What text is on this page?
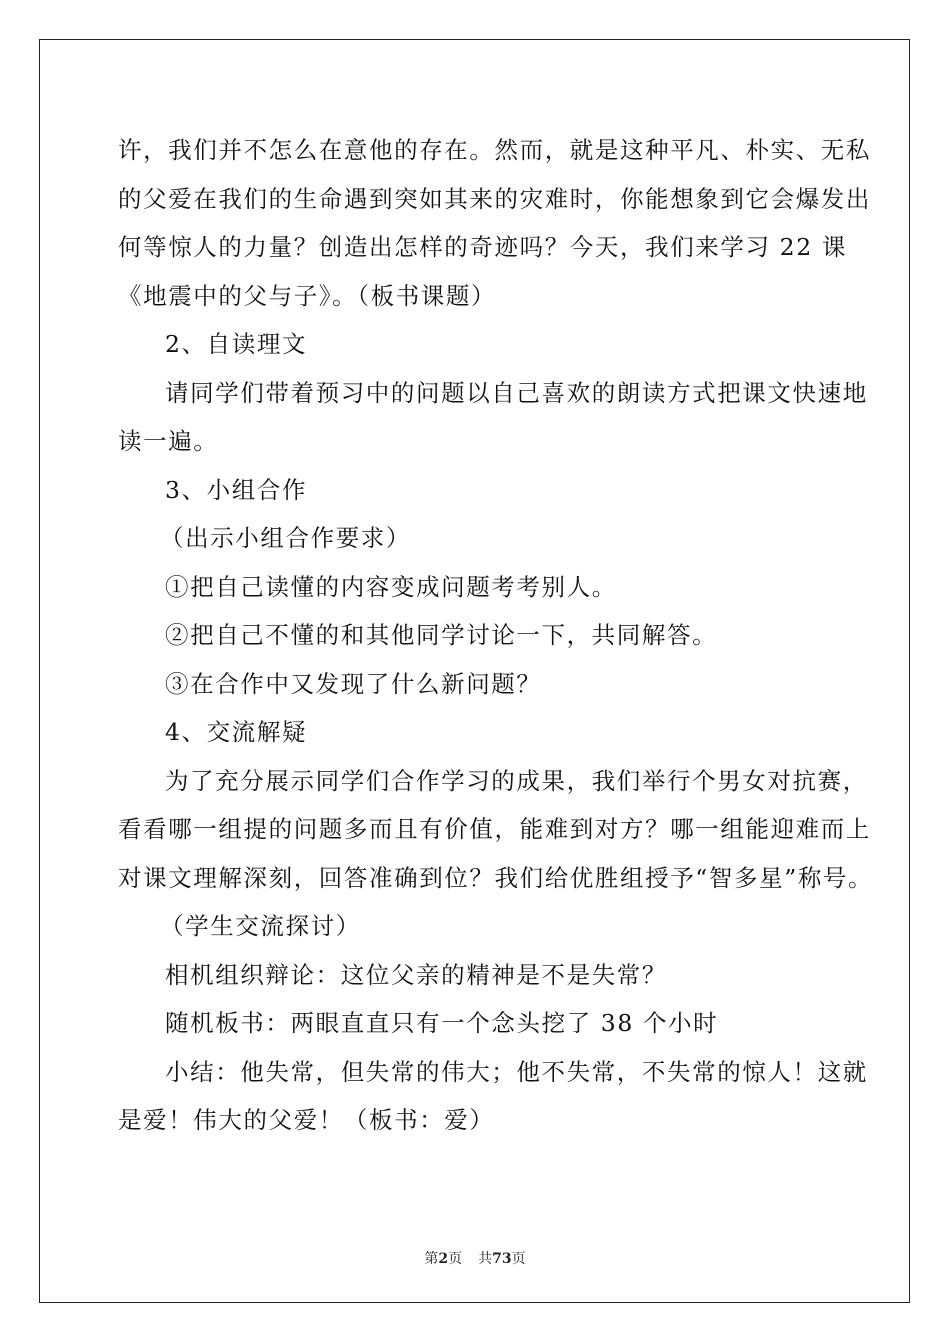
许，我们并不怎么在意他的存在。然而，就是这种平凡、朴实、无私

的父爱在我们的生命遇到突如其来的灾难时，你能想象到它会爆发出

何等惊人的力量？创造出怎样的奇迹吗？今天，我们来学习 22 课

《地震中的父与子》。（板书课题）

2、自读理文

请同学们带着预习中的问题以自己喜欢的朗读方式把课文快速地

读一遍。

3、小组合作

（出示小组合作要求）

①把自己读懂的内容变成问题考考别人。

②把自己不懂的和其他同学讨论一下，共同解答。

③在合作中又发现了什么新问题？

4、交流解疑

为了充分展示同学们合作学习的成果，我们举行个男女对抗赛，

看看哪一组提的问题多而且有价值，能难到对方？哪一组能迎难而上

对课文理解深刻，回答准确到位？我们给优胜组授予“智多星”称号。

（学生交流探讨）

相机组织辩论：这位父亲的精神是不是失常？

随机板书：两眼直直只有一个念头挖了 38 个小时

小结：他失常，但失常的伟大；他不失常，不失常的惊人！这就

是爱！伟大的父爱！（板书：爱）

第2页 共73页
